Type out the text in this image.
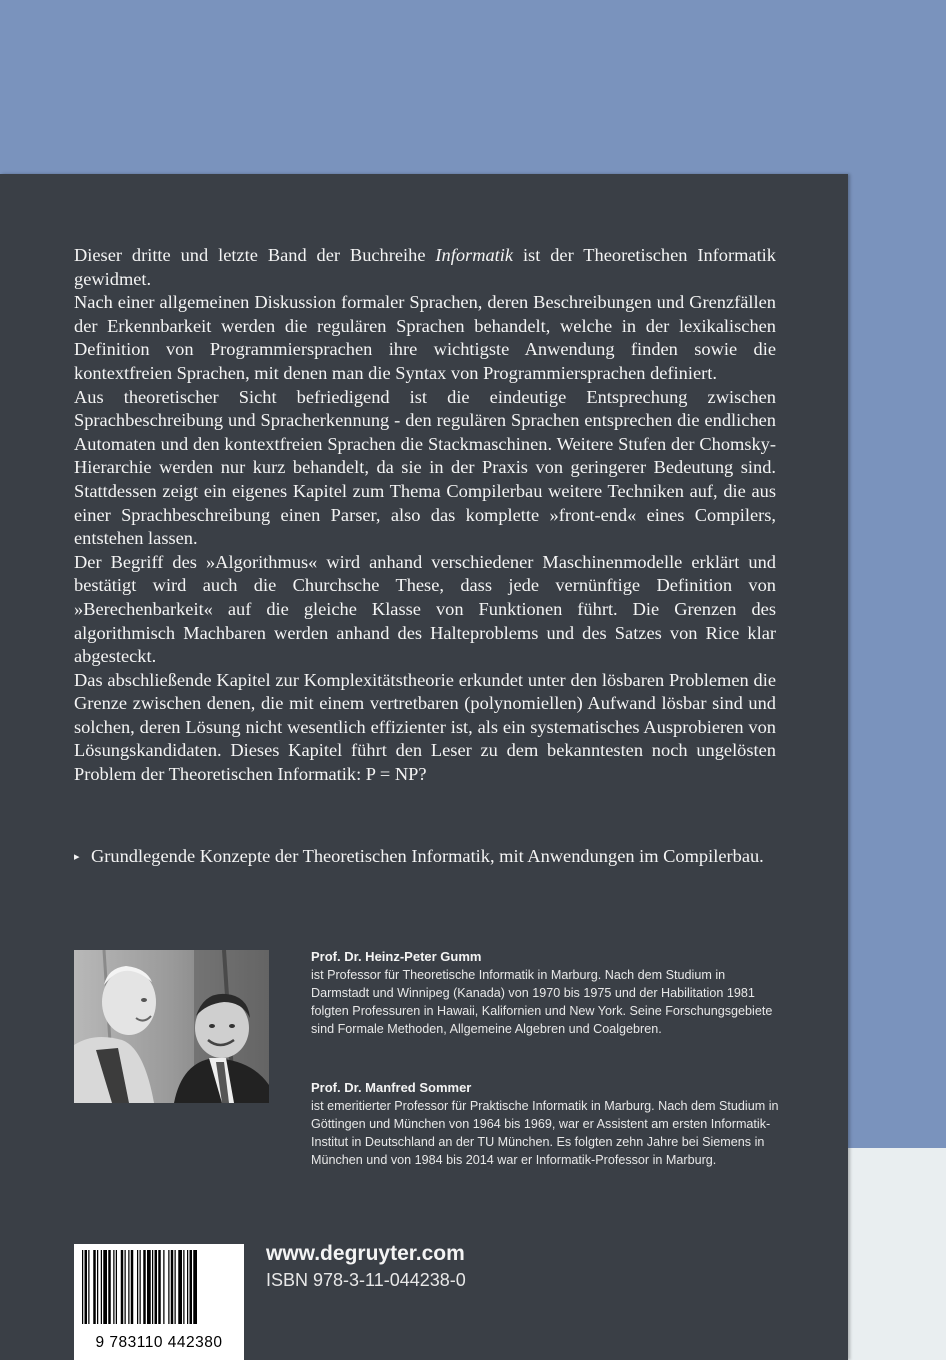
Dieser dritte und letzte Band der Buchreihe Informatik ist der Theoretischen Informatik gewidmet.

Nach einer allgemeinen Diskussion formaler Sprachen, deren Beschreibungen und Grenzfällen der Erkennbarkeit werden die regulären Sprachen behandelt, welche in der lexikalischen Definition von Programmiersprachen ihre wichtigste Anwendung finden sowie die kontextfreien Sprachen, mit denen man die Syntax von Programmiersprachen definiert.

Aus theoretischer Sicht befriedigend ist die eindeutige Entsprechung zwischen Sprachbeschreibung und Spracherkennung - den regulären Sprachen entsprechen die endlichen Automaten und den kontextfreien Sprachen die Stackmaschinen. Weitere Stufen der Chomsky-Hierarchie werden nur kurz behandelt, da sie in der Praxis von geringerer Bedeutung sind. Stattdessen zeigt ein eigenes Kapitel zum Thema Compilerbau weitere Techniken auf, die aus einer Sprachbeschreibung einen Parser, also das komplette »front-end« eines Compilers, entstehen lassen.

Der Begriff des »Algorithmus« wird anhand verschiedener Maschinenmodelle erklärt und bestätigt wird auch die Churchsche These, dass jede vernünftige Definition von »Berechenbarkeit« auf die gleiche Klasse von Funktionen führt. Die Grenzen des algorithmisch Machbaren werden anhand des Halteproblems und des Satzes von Rice klar abgesteckt.

Das abschließende Kapitel zur Komplexitätstheorie erkundet unter den lösbaren Problemen die Grenze zwischen denen, die mit einem vertretbaren (polynomiellen) Aufwand lösbar sind und solchen, deren Lösung nicht wesentlich effizienter ist, als ein systematisches Ausprobieren von Lösungskandidaten. Dieses Kapitel führt den Leser zu dem bekanntesten noch ungelösten Problem der Theoretischen Informatik: P = NP?

▸ Grundlegende Konzepte der Theoretischen Informatik, mit Anwendungen im Compilerbau.

Prof. Dr. Heinz-Peter Gumm

ist Professor für Theoretische Informatik in Marburg. Nach dem Studium in Darmstadt und Winnipeg (Kanada) von 1970 bis 1975 und der Habilitation 1981 folgten Professuren in Hawaii, Kalifornien und New York. Seine Forschungsgebiete sind Formale Methoden, Allgemeine Algebren und Coalgebren.

Prof. Dr. Manfred Sommer

ist emeritierter Professor für Praktische Informatik in Marburg. Nach dem Studium in Göttingen und München von 1964 bis 1969, war er Assistent am ersten Informatik-Institut in Deutschland an der TU München. Es folgten zehn Jahre bei Siemens in München und von 1984 bis 2014 war er Informatik-Professor in Marburg.

9 783110 442380
www.degruyter.com
ISBN 978-3-11-044238-0
